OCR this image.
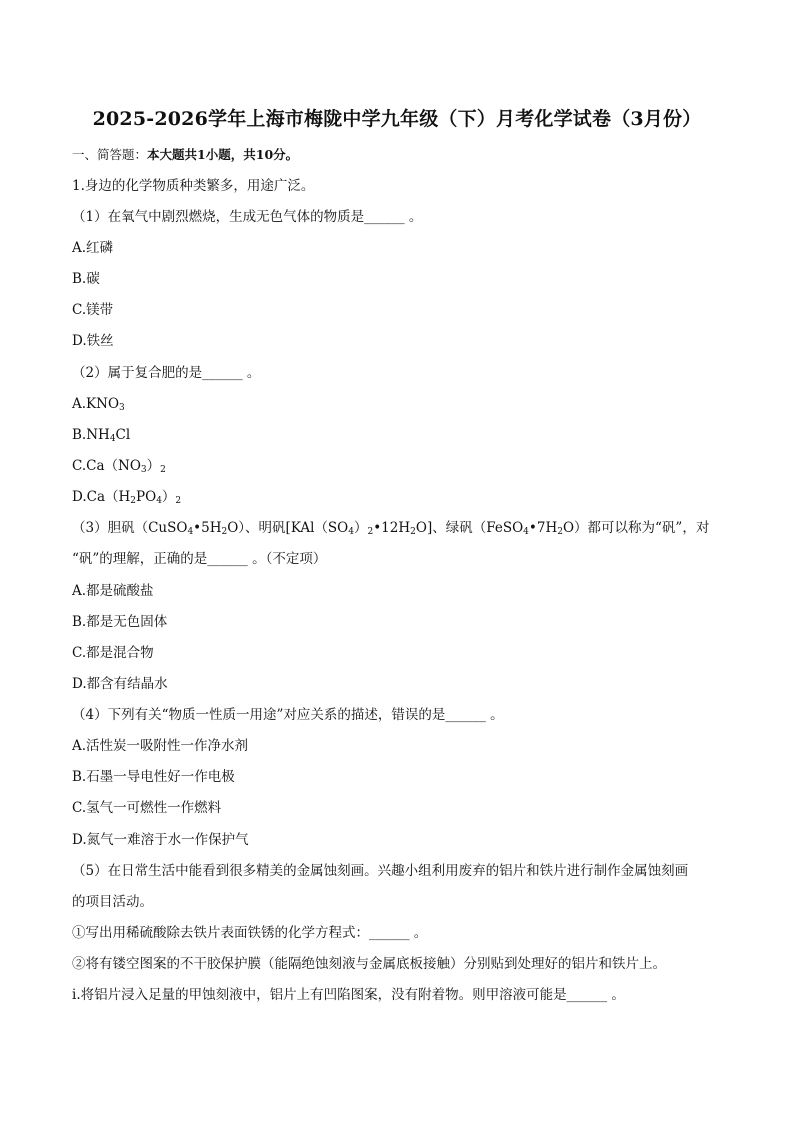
2025-2026学年上海市梅陇中学九年级（下）月考化学试卷（3月份）
一、简答题：本大题共1小题，共10分。
1.身边的化学物质种类繁多，用途广泛。
（1）在氧气中剧烈燃烧，生成无色气体的物质是______ 。
A.红磷
B.碳
C.镁带
D.铁丝
（2）属于复合肥的是______ 。
$A.KNO_3$
$B.NH_4Cl$
$C.Ca(NO_3)_2$
$D.Ca(H_2PO_4)_2$
（3）胆矾$(CuSO_4•5H_2O)$、明矾$[KAl(SO_4)_2•12H_2O]$、绿矾$(FeSO_4•7H_2O)$都可以称为“矾”，对
“矾”的理解，正确的是______ 。（不定项）
A.都是硫酸盐
B.都是无色固体
C.都是混合物
D.都含有结晶水
（4）下列有关“物质一性质一用途”对应关系的描述，错误的是______ 。
A.活性炭一吸附性一作净水剂
B.石墨一导电性好一作电极
C.氢气一可燃性一作燃料
D.氮气一难溶于水一作保护气
（5）在日常生活中能看到很多精美的金属蚀刻画。兴趣小组利用废弃的铝片和铁片进行制作金属蚀刻画
的项目活动。
①写出用稀硫酸除去铁片表面铁锈的化学方程式：______ 。
②将有镂空图案的不干胶保护膜（能隔绝蚀刻液与金属底板接触）分别贴到处理好的铝片和铁片上。
ⅰ.将铝片浸入足量的甲蚀刻液中，铝片上有凹陷图案，没有附着物。则甲溶液可能是______ 。
